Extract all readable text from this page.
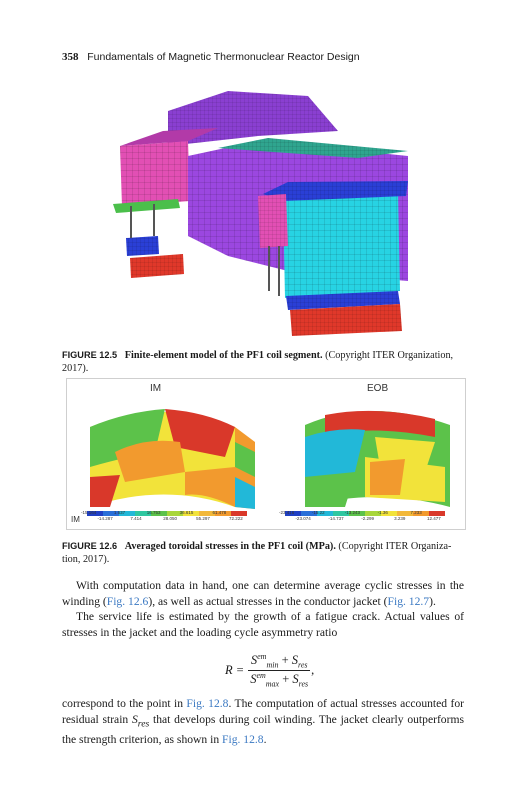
358 Fundamentals of Magnetic Thermonuclear Reactor Design
FIGURE 12.5 Finite-element model of the PF1 coil segment. (Copyright ITER Organization, 2017).
IM	EOB
IM
-15.164
-14.287
1.637
7.414
16.753
28.050
36.615
55.297
61.478
72.222
-23.416
-23.074
-15.22
-14.737
-13.243
-2.299
-1.36
3.239
7.233
12.477
FIGURE 12.6 Averaged toroidal stresses in the PF1 coil (MPa). (Copyright ITER Organiza-tion, 2017).

With computation data in hand, one can determine average cyclic stresses in the winding (Fig. 12.6), as well as actual stresses in the conductor jacket (Fig. 12.7).

The service life is estimated by the growth of a fatigue crack. Actual values of stresses in the jacket and the loading cycle asymmetry ratio

R =	$S^{em}_{min} + S_{res}$	,
$S^{em}_{max} + S_{res}$

correspond to the point in Fig. 12.8. The computation of actual stresses accounted for residual strain $S_{res}$ that develops during coil winding. The jacket clearly outperforms the strength criterion, as shown in Fig. 12.8.
